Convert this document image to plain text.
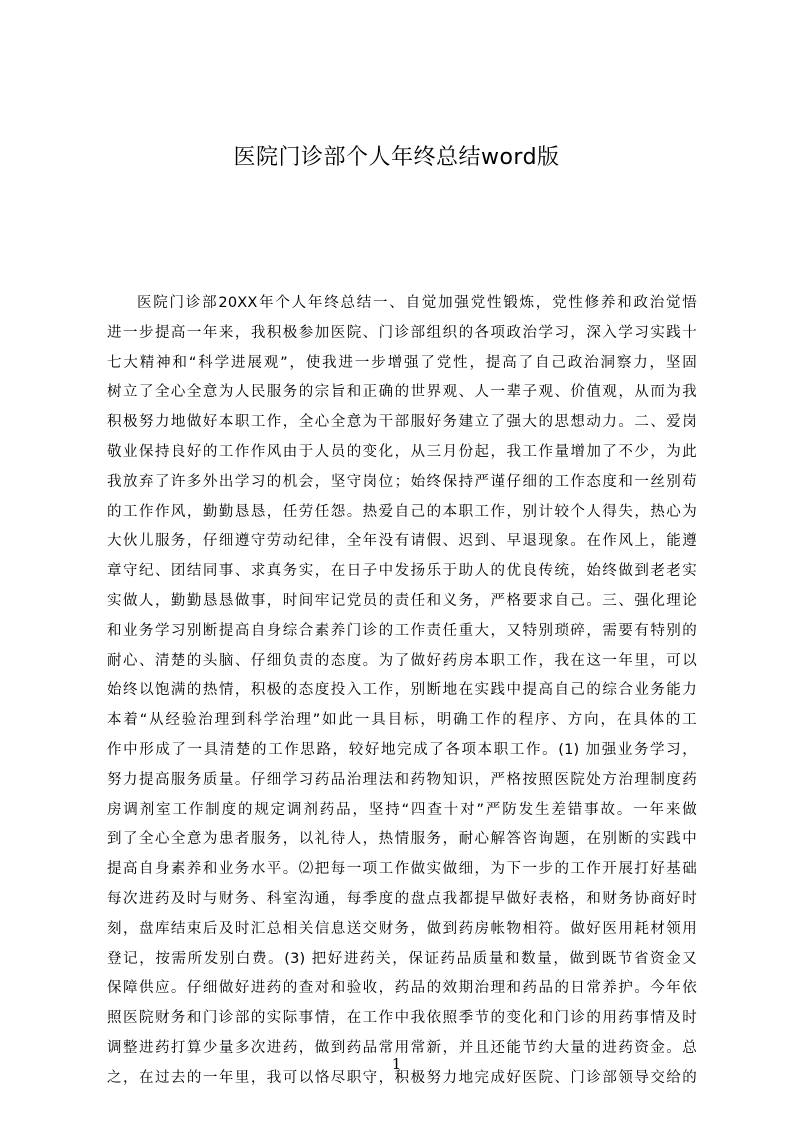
医院门诊部个人年终总结word版
医院门诊部20XX年个人年终总结一、自觉加强党性锻炼，党性修养和政治觉悟
进一步提高一年来，我积极参加医院、门诊部组织的各项政治学习，深入学习实践十
七大精神和“科学进展观”，使我进一步增强了党性，提高了自己政治洞察力，坚固
树立了全心全意为人民服务的宗旨和正确的世界观、人一辈子观、价值观，从而为我
积极努力地做好本职工作，全心全意为干部服好务建立了强大的思想动力。二、爱岗
敬业保持良好的工作作风由于人员的变化，从三月份起，我工作量增加了不少，为此
我放弃了许多外出学习的机会，坚守岗位；始终保持严谨仔细的工作态度和一丝别苟
的工作作风，勤勤恳恳，任劳任怨。热爱自己的本职工作，别计较个人得失，热心为
大伙儿服务，仔细遵守劳动纪律，全年没有请假、迟到、早退现象。在作风上，能遵
章守纪、团结同事、求真务实，在日子中发扬乐于助人的优良传统，始终做到老老实
实做人，勤勤恳恳做事，时间牢记党员的责任和义务，严格要求自己。三、强化理论
和业务学习别断提高自身综合素养门诊的工作责任重大，又特别琐碎，需要有特别的
耐心、清楚的头脑、仔细负责的态度。为了做好药房本职工作，我在这一年里，可以
始终以饱满的热情，积极的态度投入工作，别断地在实践中提高自己的综合业务能力
本着“从经验治理到科学治理”如此一具目标，明确工作的程序、方向，在具体的工
作中形成了一具清楚的工作思路，较好地完成了各项本职工作。(1) 加强业务学习，
努力提高服务质量。仔细学习药品治理法和药物知识，严格按照医院处方治理制度药
房调剂室工作制度的规定调剂药品，坚持“四查十对”严防发生差错事故。一年来做
到了全心全意为患者服务，以礼待人，热情服务，耐心解答咨询题，在别断的实践中
提高自身素养和业务水平。⑵把每一项工作做实做细，为下一步的工作开展打好基础
每次进药及时与财务、科室沟通，每季度的盘点我都提早做好表格，和财务协商好时
刻，盘库结束后及时汇总相关信息送交财务，做到药房帐物相符。做好医用耗材领用
登记，按需所发别白费。(3) 把好进药关，保证药品质量和数量，做到既节省资金又
保障供应。仔细做好进药的查对和验收，药品的效期治理和药品的日常养护。今年依
照医院财务和门诊部的实际事情，在工作中我依照季节的变化和门诊的用药事情及时
调整进药打算少量多次进药，做到药品常用常新，并且还能节约大量的进药资金。总
之，在过去的一年里，我可以恪尽职守，积极努力地完成好医院、门诊部领导交给的
1
